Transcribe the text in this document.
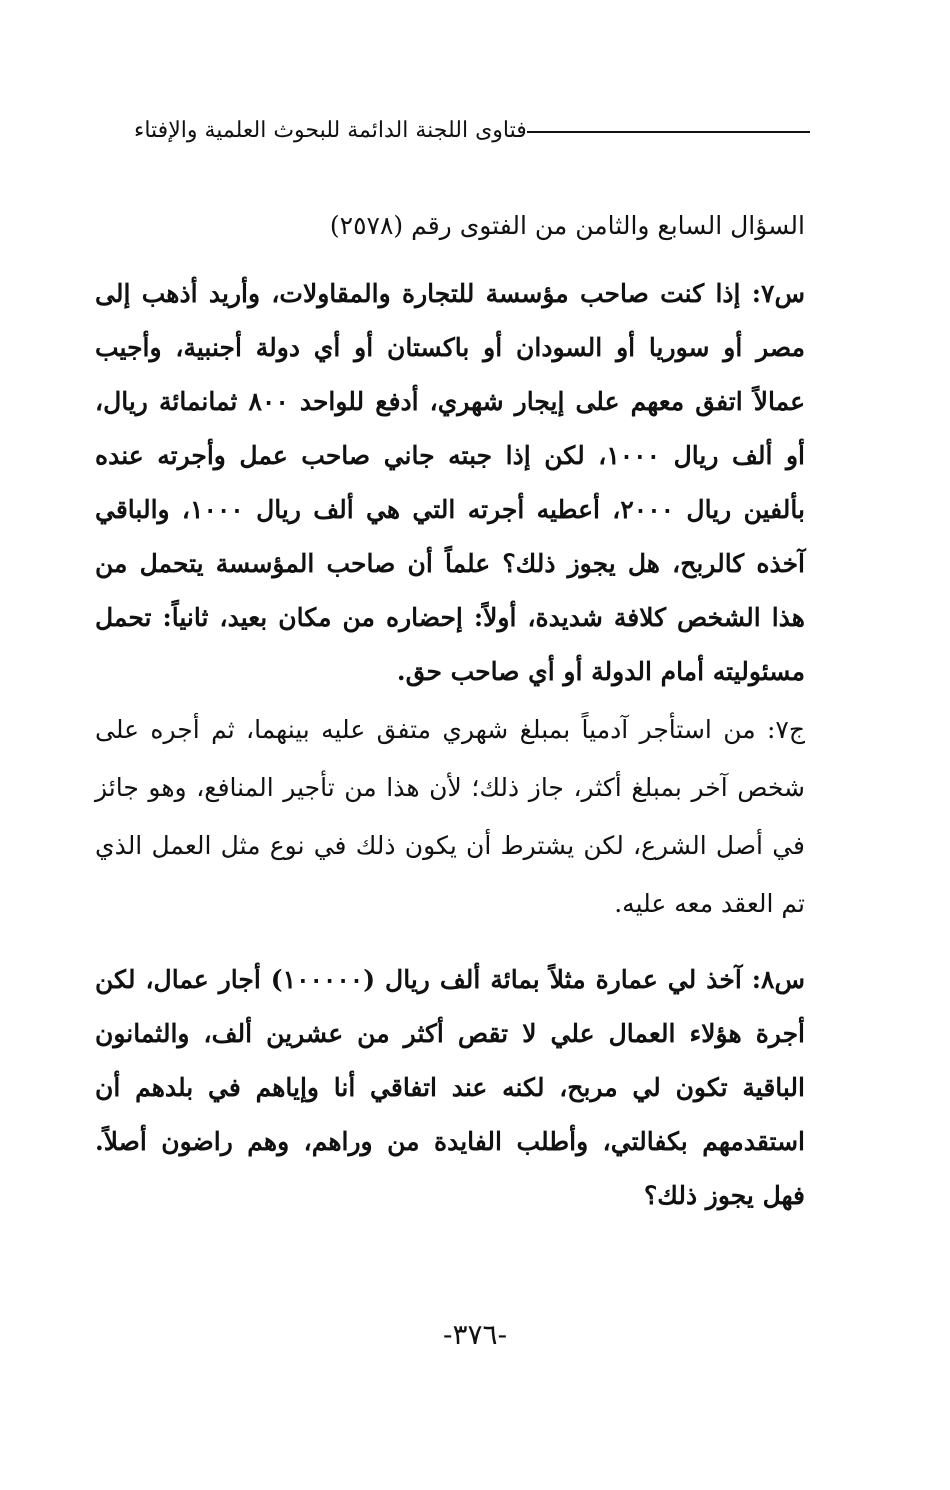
فتاوى اللجنة الدائمة للبحوث العلمية والإفتاء

السؤال السابع والثامن من الفتوى رقم (٢٥٧٨)

س٧: إذا كنت صاحب مؤسسة للتجارة والمقاولات، وأريد أذهب إلى مصر أو سوريا أو السودان أو باكستان أو أي دولة أجنبية، وأجيب عمالاً اتفق معهم على إيجار شهري، أدفع للواحد ٨٠٠ ثمانمائة ريال، أو ألف ريال ١٠٠٠، لكن إذا جبته جاني صاحب عمل وأجرته عنده بألفين ريال ٢٠٠٠، أعطيه أجرته التي هي ألف ريال ١٠٠٠، والباقي آخذه كالربح، هل يجوز ذلك؟ علماً أن صاحب المؤسسة يتحمل من هذا الشخص كلافة شديدة، أولاً: إحضاره من مكان بعيد، ثانياً: تحمل مسئوليته أمام الدولة أو أي صاحب حق.

ج٧: من استأجر آدمياً بمبلغ شهري متفق عليه بينهما، ثم أجره على شخص آخر بمبلغ أكثر، جاز ذلك؛ لأن هذا من تأجير المنافع، وهو جائز في أصل الشرع، لكن يشترط أن يكون ذلك في نوع مثل العمل الذي تم العقد معه عليه.

س٨: آخذ لي عمارة مثلاً بمائة ألف ريال (١٠٠٠٠٠) أجار عمال، لكن أجرة هؤلاء العمال علي لا تقص أكثر من عشرين ألف، والثمانون الباقية تكون لي مربح، لكنه عند اتفاقي أنا وإياهم في بلدهم أن استقدمهم بكفالتي، وأطلب الفايدة من وراهم، وهم راضون أصلاً. فهل يجوز ذلك؟

-٣٧٦-
